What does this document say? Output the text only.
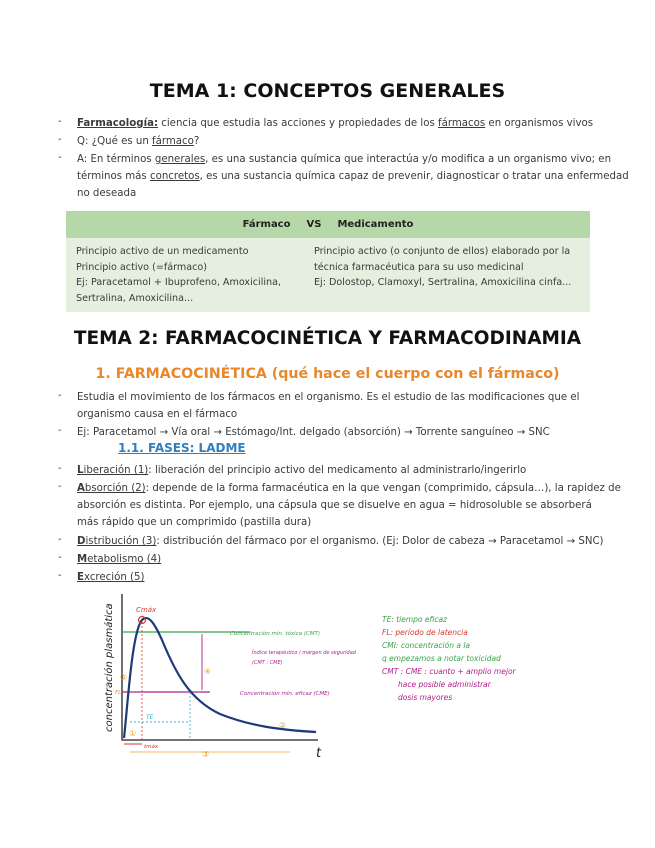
TEMA 1: CONCEPTOS GENERALES
- Farmacología: ciencia que estudia las acciones y propiedades de los fármacos en organismos vivos
- Q: ¿Qué es un fármaco?
- A: En términos generales, es una sustancia química que interactúa y/o modifica a un organismo vivo; en
términos más concretos, es una sustancia química capaz de prevenir, diagnosticar o tratar una enfermedad
no deseada
Fármaco VS Medicamento
Principio activo de un medicamento
Principio activo (=fármaco)
Ej: Paracetamol + Ibuprofeno, Amoxicilina,
Sertralina, Amoxicilina...
Principio activo (o conjunto de ellos) elaborado por la
técnica farmacéutica para su uso medicinal
Ej: Dolostop, Clamoxyl, Sertralina, Amoxicilina cinfa...
TEMA 2: FARMACOCINÉTICA Y FARMACODINAMIA
1. FARMACOCINÉTICA (qué hace el cuerpo con el fármaco)
- Estudia el movimiento de los fármacos en el organismo. Es el estudio de las modificaciones que el
organismo causa en el fármaco
- Ej: Paracetamol → Vía oral → Estómago/Int. delgado (absorción) → Torrente sanguíneo → SNC
1.1. FASES: LADME
- Liberación (1): liberación del principio activo del medicamento al administrarlo/ingerirlo
- Absorción (2): depende de la forma farmacéutica en la que vengan (comprimido, cápsula…), la rapidez de
absorción es distinta. Por ejemplo, una cápsula que se disuelve en agua = hidrosoluble se absorberá
más rápido que un comprimido (pastilla dura)
- Distribución (3): distribución del fármaco por el organismo. (Ej: Dolor de cabeza → Paracetamol → SNC)
- Metabolismo (4)
- Excreción (5)
concentración plasmática
t
Concentración mín. tóxica (CMT)
Concentración mín. eficaz (CME)
Cmáx
Índice terapéutico / margen de seguridad
(CMT : CME)
TE
FL
tmáx
①
②
③
④
⑤
TE: tiempo eficaz
FL: período de latencia
CMI: concentración a la
q empezamos a notar toxicidad
CMT : CME : cuanto + amplio mejor
hace posible administrar
dosis mayores
